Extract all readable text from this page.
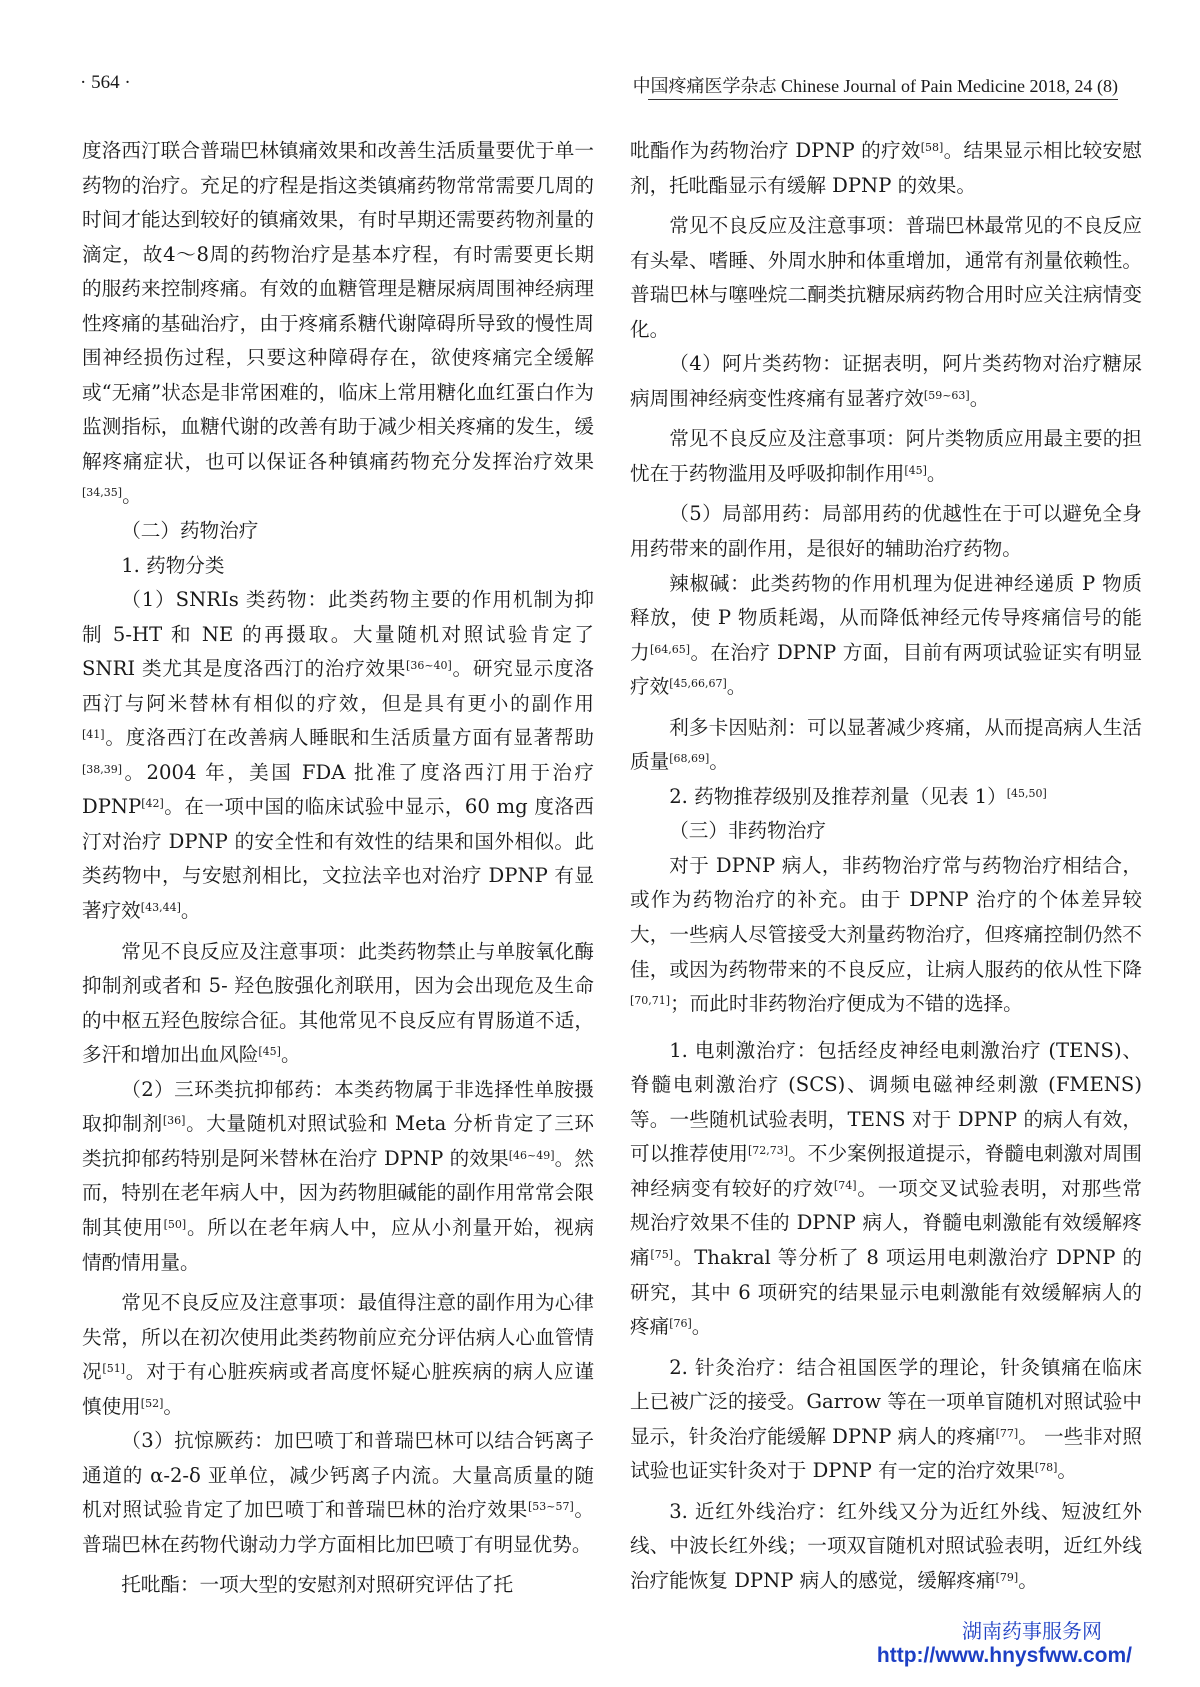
· 564 ·	中国疼痛医学杂志 Chinese Journal of Pain Medicine 2018, 24 (8)

度洛西汀联合普瑞巴林镇痛效果和改善生活质量要优于单一药物的治疗。充足的疗程是指这类镇痛药物常常需要几周的时间才能达到较好的镇痛效果，有时早期还需要药物剂量的滴定，故4～8周的药物治疗是基本疗程，有时需要更长期的服药来控制疼痛。有效的血糖管理是糖尿病周围神经病理性疼痛的基础治疗，由于疼痛系糖代谢障碍所导致的慢性周围神经损伤过程，只要这种障碍存在，欲使疼痛完全缓解或“无痛”状态是非常困难的，临床上常用糖化血红蛋白作为监测指标，血糖代谢的改善有助于减少相关疼痛的发生，缓解疼痛症状，也可以保证各种镇痛药物充分发挥治疗效果[34,35]。

（二）药物治疗

1. 药物分类

（1）SNRIs 类药物：此类药物主要的作用机制为抑制 5-HT 和 NE 的再摄取。大量随机对照试验肯定了 SNRI 类尤其是度洛西汀的治疗效果[36~40]。研究显示度洛西汀与阿米替林有相似的疗效，但是具有更小的副作用[41]。度洛西汀在改善病人睡眠和生活质量方面有显著帮助[38,39]。2004 年，美国 FDA 批准了度洛西汀用于治疗 DPNP[42]。在一项中国的临床试验中显示，60 mg 度洛西汀对治疗 DPNP 的安全性和有效性的结果和国外相似。此类药物中，与安慰剂相比，文拉法辛也对治疗 DPNP 有显著疗效[43,44]。

常见不良反应及注意事项：此类药物禁止与单胺氧化酶抑制剂或者和 5- 羟色胺强化剂联用，因为会出现危及生命的中枢五羟色胺综合征。其他常见不良反应有胃肠道不适，多汗和增加出血风险[45]。

（2）三环类抗抑郁药：本类药物属于非选择性单胺摄取抑制剂[36]。大量随机对照试验和 Meta 分析肯定了三环类抗抑郁药特别是阿米替林在治疗 DPNP 的效果[46~49]。然而，特别在老年病人中，因为药物胆碱能的副作用常常会限制其使用[50]。所以在老年病人中，应从小剂量开始，视病情酌情用量。

常见不良反应及注意事项：最值得注意的副作用为心律失常，所以在初次使用此类药物前应充分评估病人心血管情况[51]。对于有心脏疾病或者高度怀疑心脏疾病的病人应谨慎使用[52]。

（3）抗惊厥药：加巴喷丁和普瑞巴林可以结合钙离子通道的 α-2-δ 亚单位，减少钙离子内流。大量高质量的随机对照试验肯定了加巴喷丁和普瑞巴林的治疗效果[53~57]。普瑞巴林在药物代谢动力学方面相比加巴喷丁有明显优势。

托吡酯：一项大型的安慰剂对照研究评估了托

吡酯作为药物治疗 DPNP 的疗效[58]。结果显示相比较安慰剂，托吡酯显示有缓解 DPNP 的效果。

常见不良反应及注意事项：普瑞巴林最常见的不良反应有头晕、嗜睡、外周水肿和体重增加，通常有剂量依赖性。普瑞巴林与噻唑烷二酮类抗糖尿病药物合用时应关注病情变化。

（4）阿片类药物：证据表明，阿片类药物对治疗糖尿病周围神经病变性疼痛有显著疗效[59~63]。

常见不良反应及注意事项：阿片类物质应用最主要的担忧在于药物滥用及呼吸抑制作用[45]。

（5）局部用药：局部用药的优越性在于可以避免全身用药带来的副作用，是很好的辅助治疗药物。

辣椒碱：此类药物的作用机理为促进神经递质 P 物质释放，使 P 物质耗竭，从而降低神经元传导疼痛信号的能力[64,65]。在治疗 DPNP 方面，目前有两项试验证实有明显疗效[45,66,67]。

利多卡因贴剂：可以显著减少疼痛，从而提高病人生活质量[68,69]。

2. 药物推荐级别及推荐剂量（见表 1）[45,50]

（三）非药物治疗

对于 DPNP 病人，非药物治疗常与药物治疗相结合， 或作为药物治疗的补充。由于 DPNP 治疗的个体差异较大，一些病人尽管接受大剂量药物治疗，但疼痛控制仍然不佳，或因为药物带来的不良反应，让病人服药的依从性下降[70,71]；而此时非药物治疗便成为不错的选择。

1. 电刺激治疗：包括经皮神经电刺激治疗 (TENS)、脊髓电刺激治疗 (SCS)、调频电磁神经刺激 (FMENS) 等。一些随机试验表明，TENS 对于 DPNP 的病人有效，可以推荐使用[72,73]。不少案例报道提示，脊髓电刺激对周围神经病变有较好的疗效[74]。一项交叉试验表明，对那些常规治疗效果不佳的 DPNP 病人，脊髓电刺激能有效缓解疼痛[75]。Thakral 等分析了 8 项运用电刺激治疗 DPNP 的研究，其中 6 项研究的结果显示电刺激能有效缓解病人的疼痛[76]。

2. 针灸治疗：结合祖国医学的理论，针灸镇痛在临床上已被广泛的接受。Garrow 等在一项单盲随机对照试验中显示，针灸治疗能缓解 DPNP 病人的疼痛[77]。 一些非对照试验也证实针灸对于 DPNP 有一定的治疗效果[78]。

3. 近红外线治疗：红外线又分为近红外线、短波红外线、中波长红外线；一项双盲随机对照试验表明，近红外线治疗能恢复 DPNP 病人的感觉，缓解疼痛[79]。

湖南药事服务网
http://www.hnysfww.com/
